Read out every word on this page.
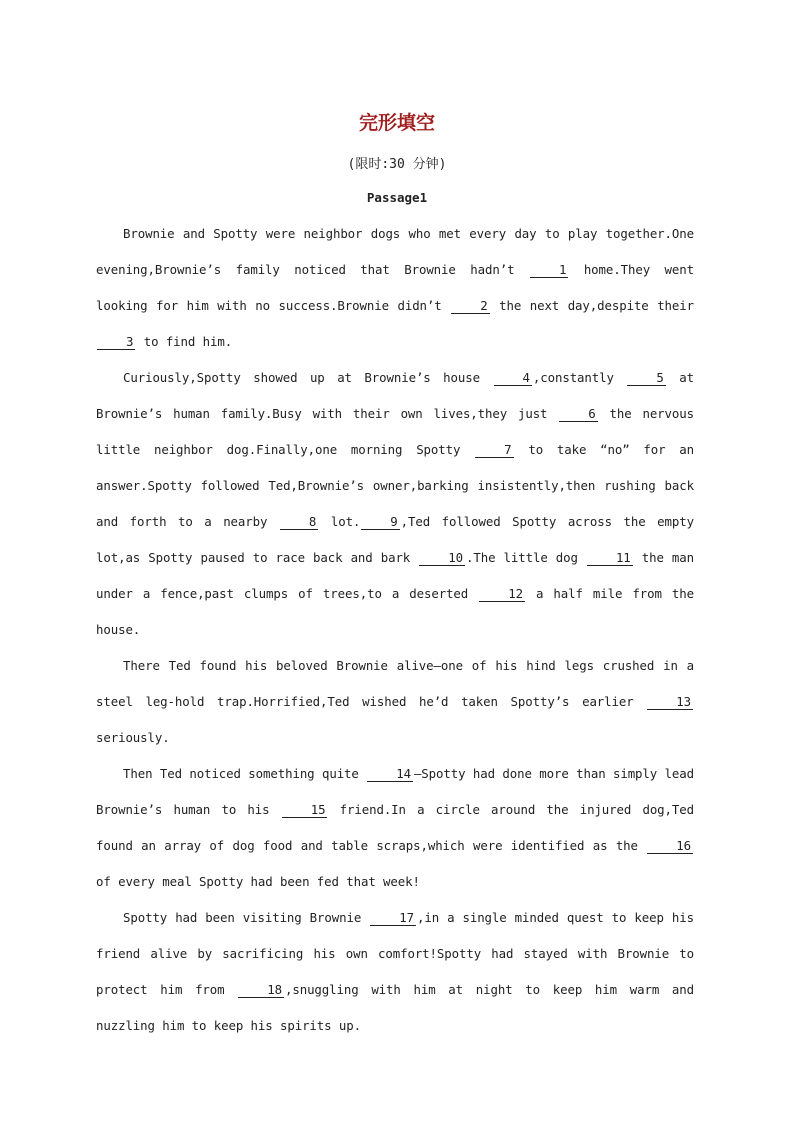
完形填空
(限时:30 分钟)
Passage1

Brownie and Spotty were neighbor dogs who met every day to play together.One evening,Brownie’s family noticed that Brownie hadn’t 1 home.They went looking for him with no success.Brownie didn’t 2 the next day,despite their 3 to find him.

Curiously,Spotty showed up at Brownie’s house 4 ,constantly 5 at Brownie’s human family.Busy with their own lives,they just 6 the nervous little neighbor dog.Finally,one morning Spotty 7 to take “no” for an answer.Spotty followed Ted,Brownie’s owner,barking insistently,then rushing back and forth to a nearby 8 lot. 9 ,Ted followed Spotty across the empty lot,as Spotty paused to race back and bark 10 .The little dog 11 the man under a fence,past clumps of trees,to a deserted 12 a half mile from the house.

There Ted found his beloved Brownie alive—one of his hind legs crushed in a steel leg-hold trap.Horrified,Ted wished he’d taken Spotty’s earlier 13 seriously.

Then Ted noticed something quite 14 —Spotty had done more than simply lead Brownie’s human to his 15 friend.In a circle around the injured dog,Ted found an array of dog food and table scraps,which were identified as the 16 of every meal Spotty had been fed that week!

Spotty had been visiting Brownie 17 ,in a single minded quest to keep his friend alive by sacrificing his own comfort!Spotty had stayed with Brownie to protect him from 18 ,snuggling with him at night to keep him warm and nuzzling him to keep his spirits up.
